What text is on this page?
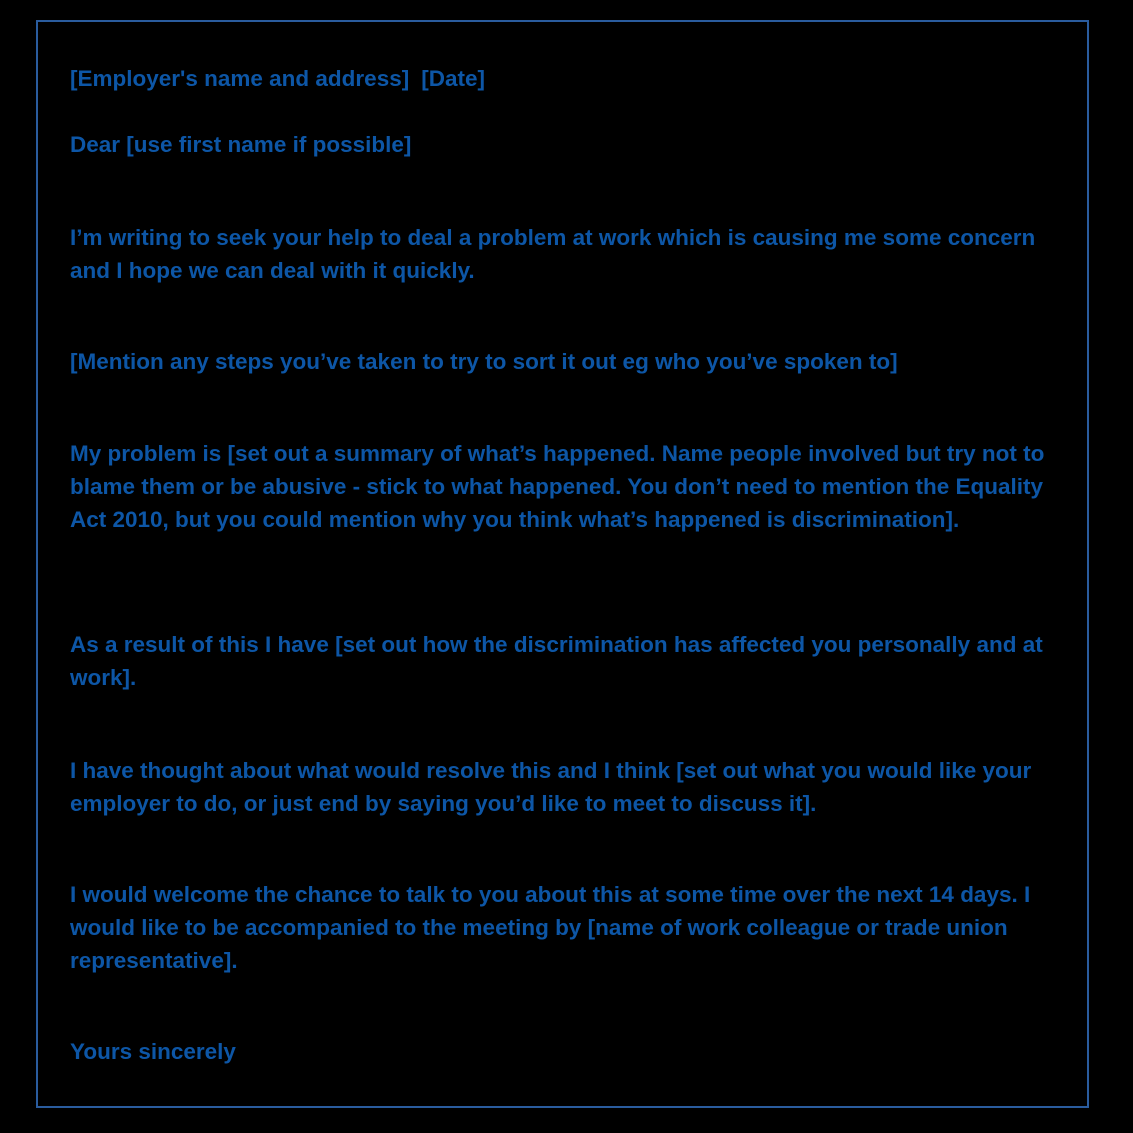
[Employer's name and address] [Date]

Dear [use first name if possible]

I’m writing to seek your help to deal a problem at work which is causing me some concern and I hope we can deal with it quickly.

[Mention any steps you’ve taken to try to sort it out eg who you’ve spoken to]

My problem is [set out a summary of what’s happened. Name people involved but try not to blame them or be abusive - stick to what happened. You don’t need to mention the Equality Act 2010, but you could mention why you think what’s happened is discrimination].

As a result of this I have [set out how the discrimination has affected you personally and at work].

I have thought about what would resolve this and I think [set out what you would like your employer to do, or just end by saying you’d like to meet to discuss it].

I would welcome the chance to talk to you about this at some time over the next 14 days. I would like to be accompanied to the meeting by [name of work colleague or trade union representative].

Yours sincerely
